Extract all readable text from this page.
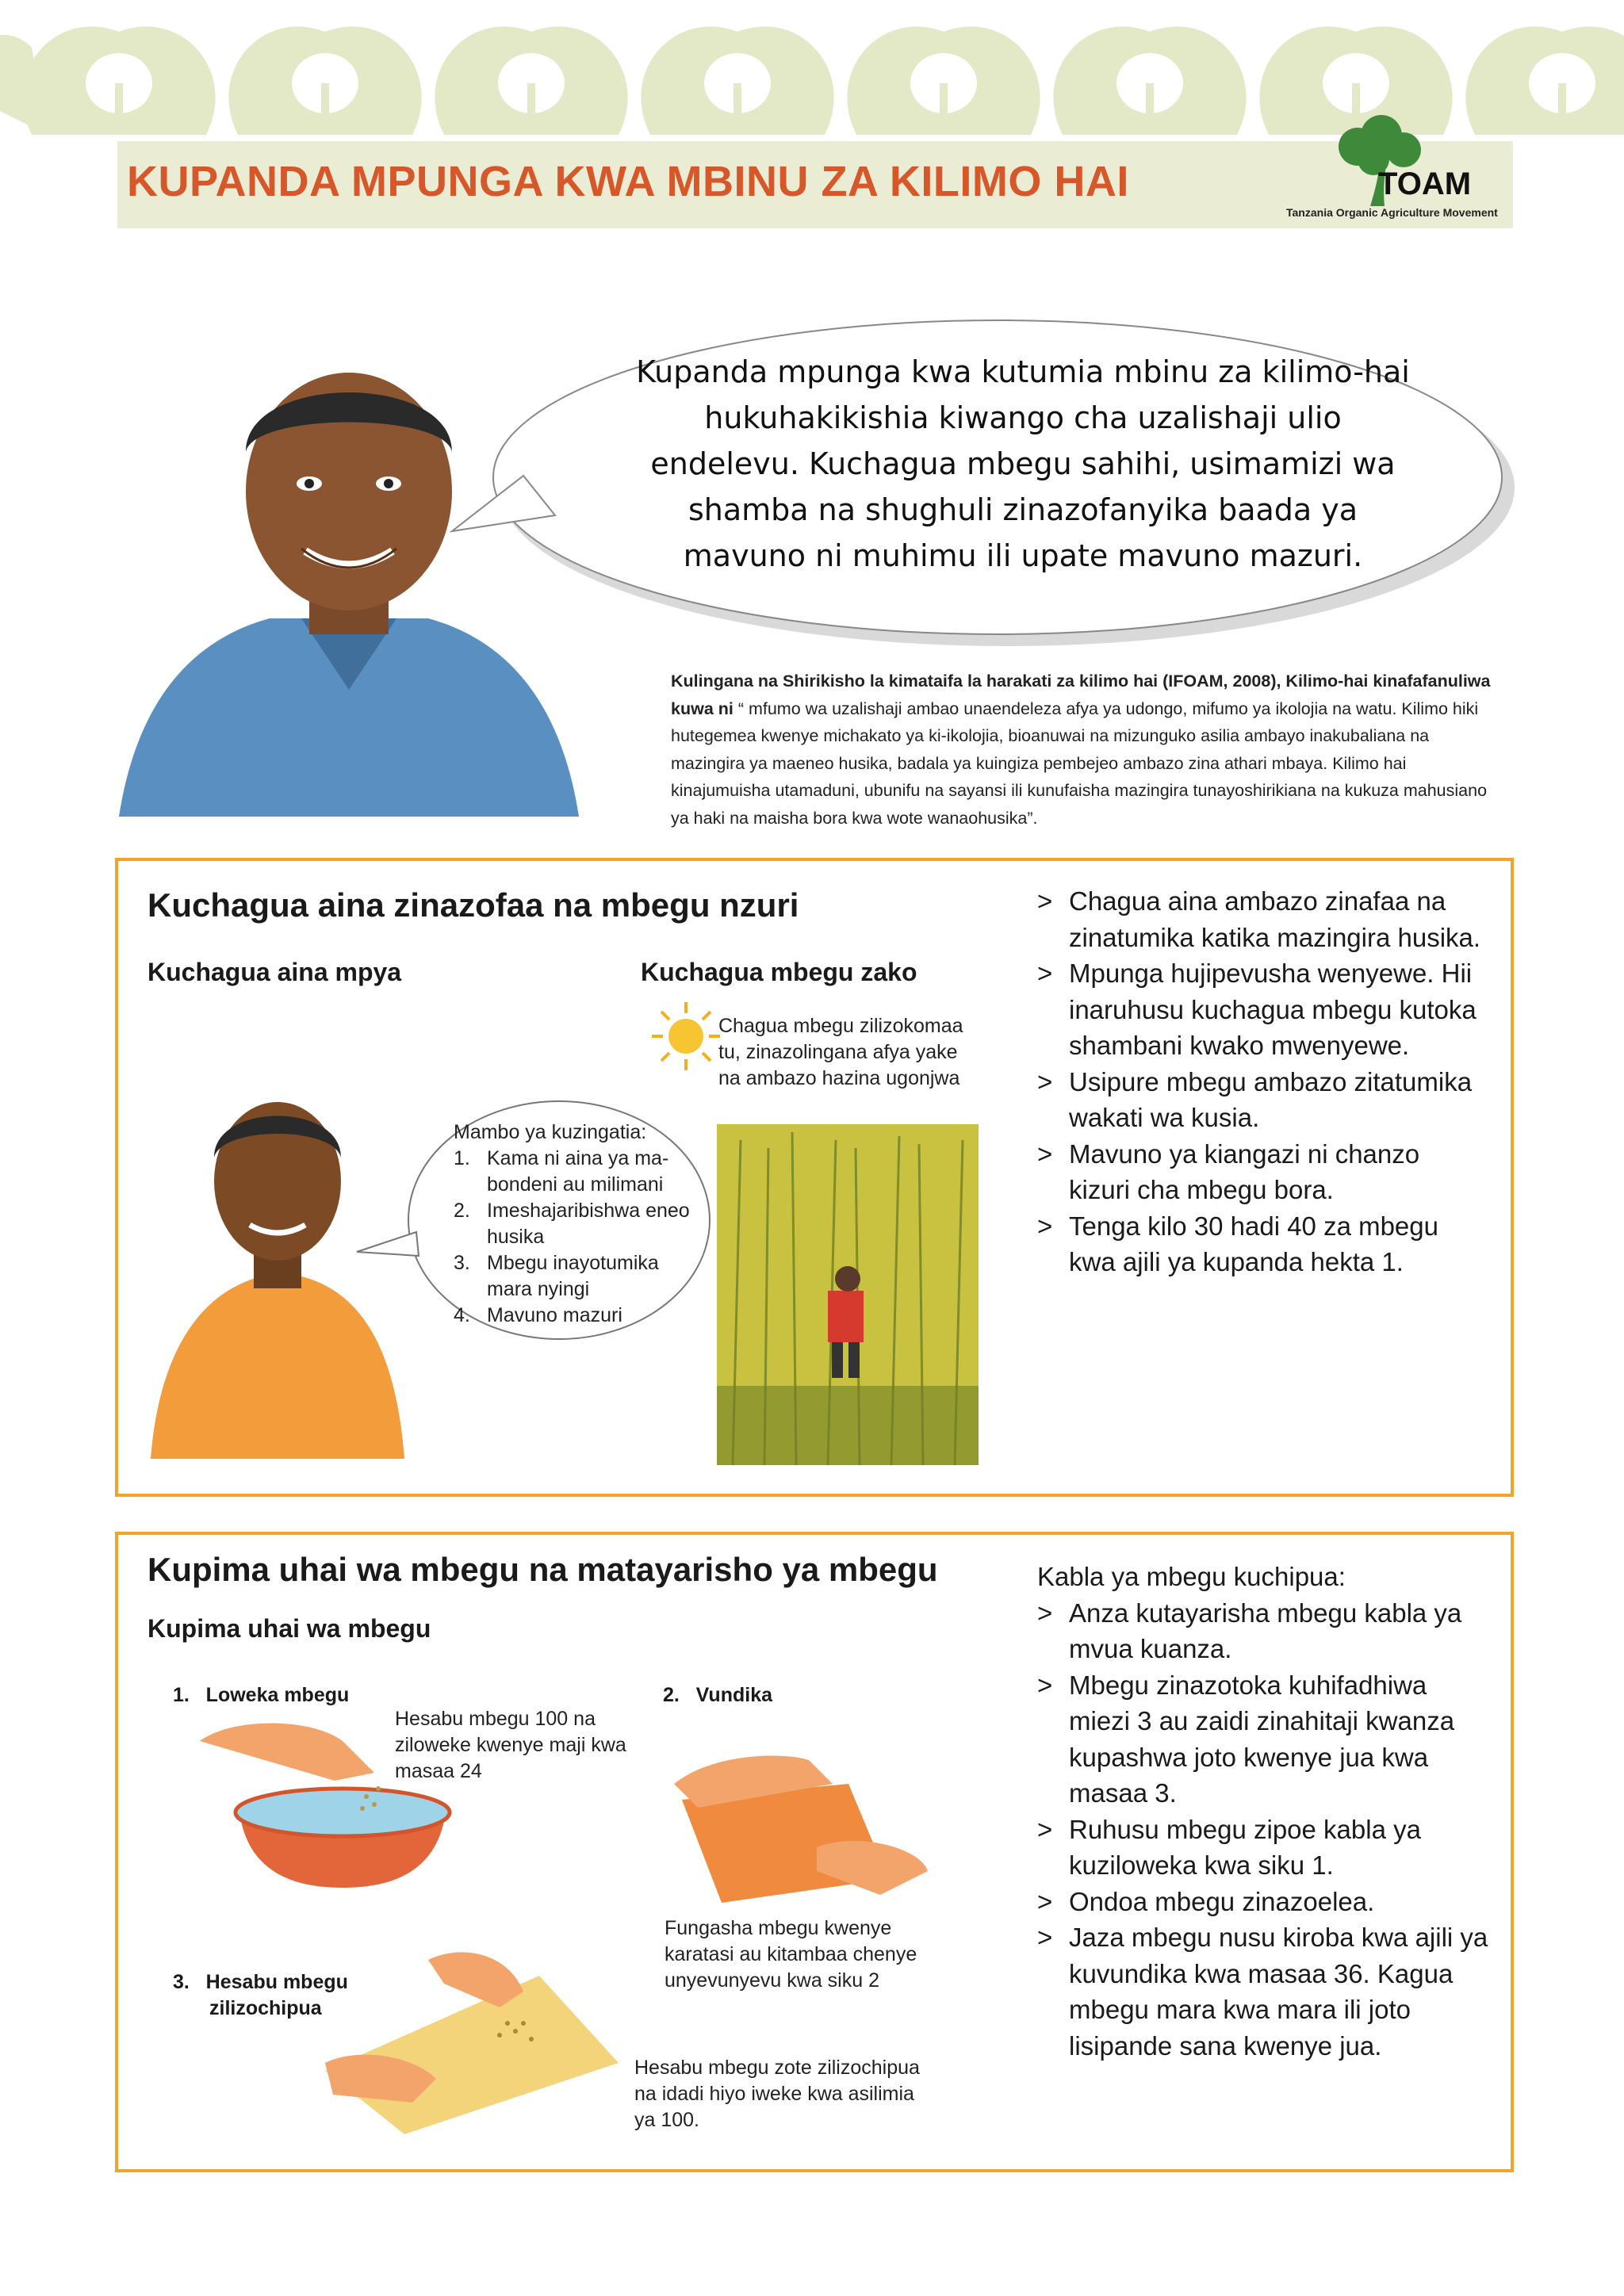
KUPANDA MPUNGA KWA MBINU ZA KILIMO HAI	TOAM
Tanzania Organic Agriculture Movement
Kupanda mpunga kwa kutumia mbinu za kilimo-hai hukuhakikishia kiwango cha uzalishaji ulio endelevu. Kuchagua mbegu sahihi, usimamizi wa shamba na shughuli zinazofanyika baada ya mavuno ni muhimu ili upate mavuno mazuri.
Kulingana na Shirikisho la kimataifa la harakati za kilimo hai (IFOAM, 2008), Kilimo-hai kinafafanuliwa kuwa ni “ mfumo wa uzalishaji ambao unaendeleza afya ya udongo, mifumo ya ikolojia na watu. Kilimo hiki hutegemea kwenye michakato ya ki-ikolojia, bioanuwai na mizunguko asilia ambayo inakubaliana na mazingira ya maeneo husika, badala ya kuingiza pembejeo ambazo zina athari mbaya. Kilimo hai kinajumuisha utamaduni, ubunifu na sayansi ili kunufaisha mazingira tunayoshirikiana na kukuza mahusiano ya haki na maisha bora kwa wote wanaohusika”.
Kuchagua aina zinazofaa na mbegu nzuri
Kuchagua aina mpya	Kuchagua mbegu zako
Mambo ya kuzingatia:
1. Kama ni aina ya mabondeni au milimani
2. Imeshajaribishwa eneo husika
3. Mbegu inayotumika mara nyingi
4. Mavuno mazuri
Chagua mbegu zilizokomaa tu, zinazolingana afya yake na ambazo hazina ugonjwa
> Chagua aina ambazo zinafaa na zinatumika katika mazingira husika.
> Mpunga hujipevusha wenyewe. Hii inaruhusu kuchagua mbegu kutoka shambani kwako mwenyewe.
> Usipure mbegu ambazo zitatumika wakati wa kusia.
> Mavuno ya kiangazi ni chanzo kizuri cha mbegu bora.
> Tenga kilo 30 hadi 40 za mbegu kwa ajili ya kupanda hekta 1.
Kupima uhai wa mbegu na matayarisho ya mbegu
Kupima uhai wa mbegu
1.   Loweka mbegu
Hesabu mbegu 100 na ziloweke kwenye maji kwa masaa 24
2.   Vundika
Fungasha mbegu kwenye karatasi au kitambaa chenye unyevunyevu kwa siku 2
3.   Hesabu mbegu
zilizochipua
Hesabu mbegu zote zilizochipua na idadi hiyo iweke kwa asilimia ya 100.
Kabla ya mbegu kuchipua:
> Anza kutayarisha mbegu kabla ya mvua kuanza.
> Mbegu zinazotoka kuhifadhiwa miezi 3 au zaidi zinahitaji kwanza kupashwa joto kwenye jua kwa masaa 3.
> Ruhusu mbegu zipoe kabla ya kuziloweka kwa siku 1.
> Ondoa mbegu zinazoelea.
> Jaza mbegu nusu kiroba kwa ajili ya kuvundika kwa masaa 36. Kagua mbegu mara kwa mara ili joto lisipande sana kwenye jua.
